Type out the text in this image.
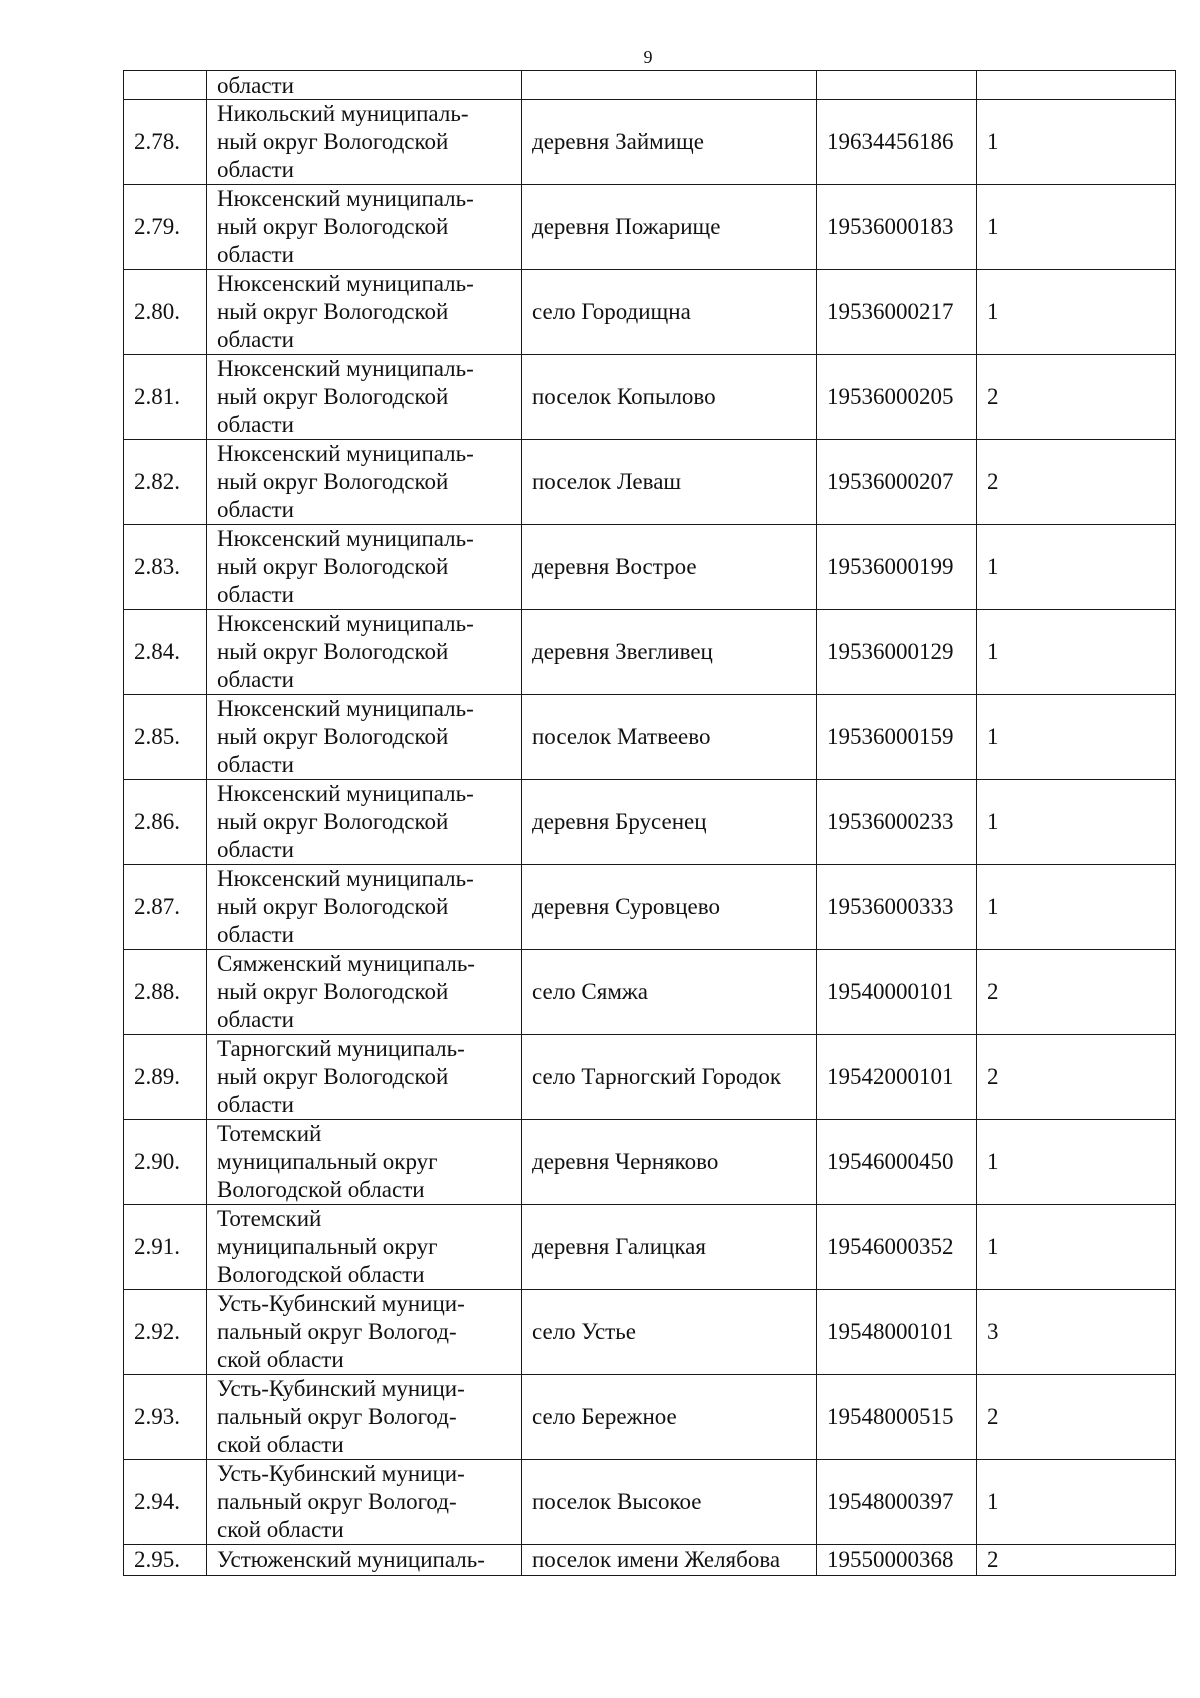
9
	области			
2.78.	Никольский муниципаль-
ный округ Вологодской
области	деревня Займище	19634456186	1
2.79.	Нюксенский муниципаль-
ный округ Вологодской
области	деревня Пожарище	19536000183	1
2.80.	Нюксенский муниципаль-
ный округ Вологодской
области	село Городищна	19536000217	1
2.81.	Нюксенский муниципаль-
ный округ Вологодской
области	поселок Копылово	19536000205	2
2.82.	Нюксенский муниципаль-
ный округ Вологодской
области	поселок Леваш	19536000207	2
2.83.	Нюксенский муниципаль-
ный округ Вологодской
области	деревня Вострое	19536000199	1
2.84.	Нюксенский муниципаль-
ный округ Вологодской
области	деревня Звегливец	19536000129	1
2.85.	Нюксенский муниципаль-
ный округ Вологодской
области	поселок Матвеево	19536000159	1
2.86.	Нюксенский муниципаль-
ный округ Вологодской
области	деревня Брусенец	19536000233	1
2.87.	Нюксенский муниципаль-
ный округ Вологодской
области	деревня Суровцево	19536000333	1
2.88.	Сямженский муниципаль-
ный округ Вологодской
области	село Сямжа	19540000101	2
2.89.	Тарногский муниципаль-
ный округ Вологодской
области	село Тарногский Городок	19542000101	2
2.90.	Тотемский
муниципальный округ
Вологодской области	деревня Черняково	19546000450	1
2.91.	Тотемский
муниципальный округ
Вологодской области	деревня Галицкая	19546000352	1
2.92.	Усть-Кубинский муници-
пальный округ Вологод-
ской области	село Устье	19548000101	3
2.93.	Усть-Кубинский муници-
пальный округ Вологод-
ской области	село Бережное	19548000515	2
2.94.	Усть-Кубинский муници-
пальный округ Вологод-
ской области	поселок Высокое	19548000397	1
2.95.	Устюженский муниципаль-	поселок имени Желябова	19550000368	2
